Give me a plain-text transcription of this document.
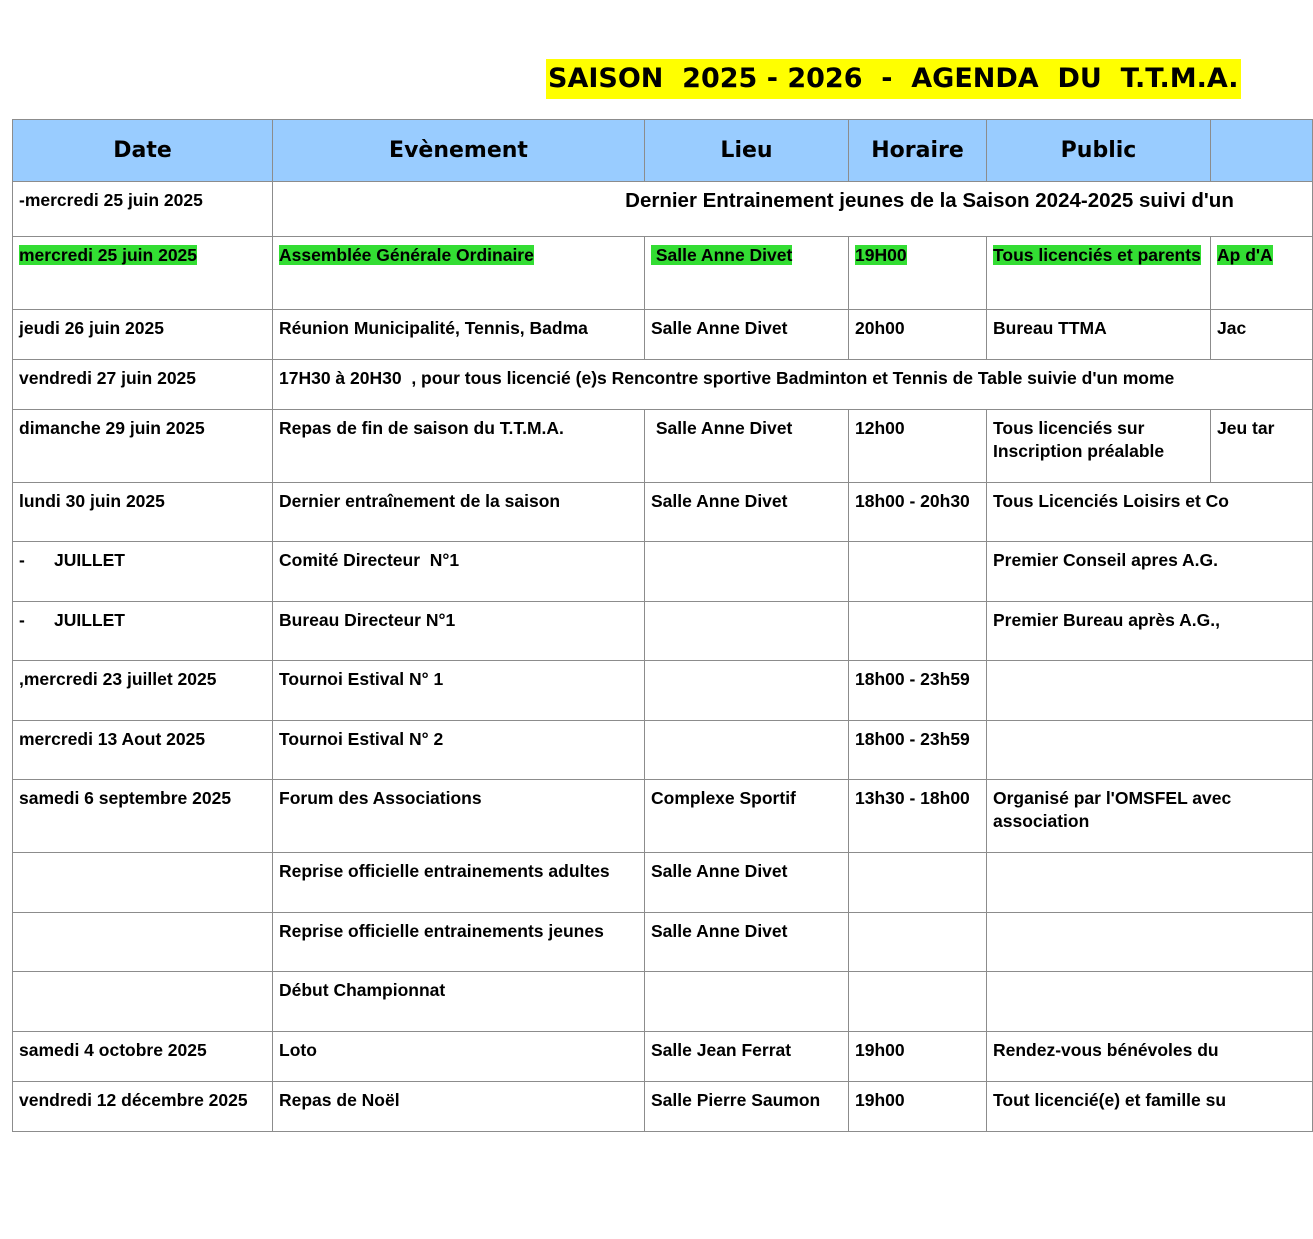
SAISON  2025 - 2026  -  AGENDA  DU  T.T.M.A.
Date	Evènement	Lieu	Horaire	Public	
-mercredi 25 juin 2025	Dernier Entrainement jeunes de la Saison 2024-2025 suivi d'un				
mercredi 25 juin 2025	Assemblée Générale Ordinaire	Salle Anne Divet	19H00	Tous licenciés et parents	Ap d'A
jeudi 26 juin 2025	Réunion Municipalité, Tennis, Badma	Salle Anne Divet	20h00	Bureau TTMA	Jac
vendredi 27 juin 2025	17H30 à 20H30  , pour tous licencié (e)s Rencontre sportive Badminton et Tennis de Table suivie d'un mome				
dimanche 29 juin 2025	Repas de fin de saison du T.T.M.A.	Salle Anne Divet	12h00	Tous licenciés sur Inscription préalable	Jeu tar
lundi 30 juin 2025	Dernier entraînement de la saison	Salle Anne Divet	18h00 - 20h30	Tous Licenciés Loisirs et Co	
-      JUILLET	Comité Directeur  N°1			Premier Conseil apres A.G.	
-      JUILLET	Bureau Directeur N°1			Premier Bureau après A.G.,	
,mercredi 23 juillet 2025	Tournoi Estival N° 1		18h00 - 23h59		
mercredi 13 Aout 2025	Tournoi Estival N° 2		18h00 - 23h59		
samedi 6 septembre 2025	Forum des Associations	Complexe Sportif	13h30 - 18h00	Organisé par l'OMSFEL avec association	

	Reprise officielle entrainements adultes	Salle Anne Divet			
	Reprise officielle entrainements jeunes	Salle Anne Divet			
	Début Championnat				
samedi 4 octobre 2025	Loto	Salle Jean Ferrat	19h00	Rendez-vous bénévoles du	
vendredi 12 décembre 2025	Repas de Noël	Salle Pierre Saumon	19h00	Tout licencié(e) et famille su	
